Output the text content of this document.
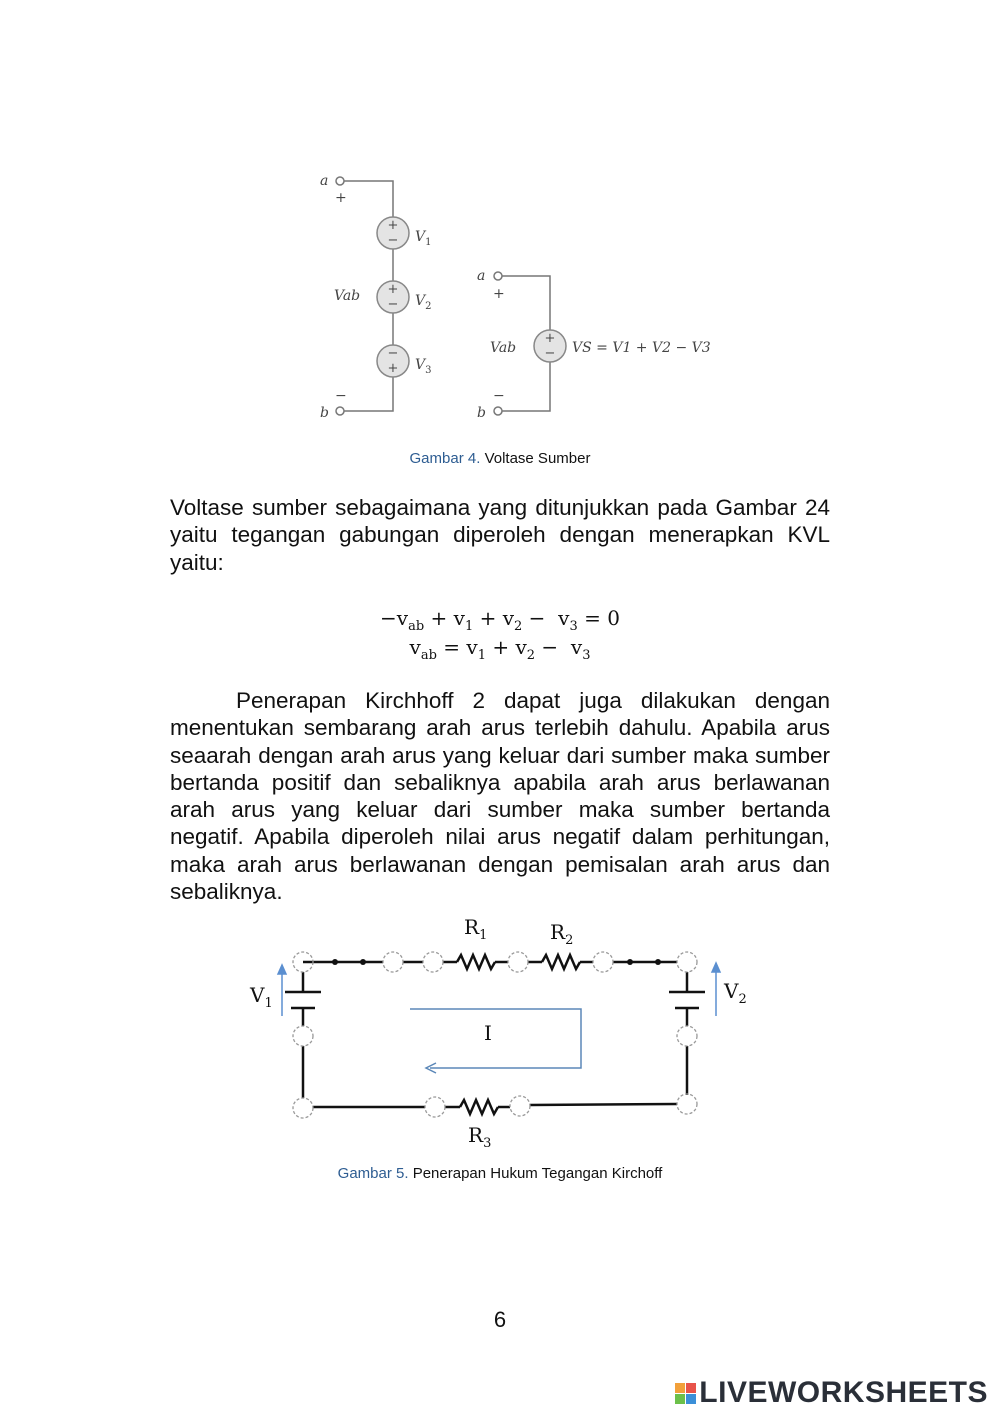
+
−
+
−
−
+
+
−
a
+
Vab
$V_1$
$V_2$
$V_3$
−
b
a
+
Vab	VS = V1 + V2 − V3
−
b
Gambar 4. Voltase Sumber

Voltase sumber sebagaimana yang ditunjukkan pada Gambar 24 yaitu tegangan gabungan diperoleh dengan menerapkan KVL yaitu:

$-v_{ab} + v_1 + v_2 - v_3 = 0$
$v_{ab} = v_1 + v_2 - v_3$

Penerapan Kirchhoff 2 dapat juga dilakukan dengan menentukan sembarang arah arus terlebih dahulu. Apabila arus seaarah dengan arah arus yang keluar dari sumber maka sumber bertanda positif dan sebaliknya apabila arah arus berlawanan arah arus yang keluar dari sumber maka sumber bertanda negatif. Apabila diperoleh nilai arus negatif dalam perhitungan, maka arah arus berlawanan dengan pemisalan arah arus dan sebaliknya.

$R_1$	$R_2$
$V_1$
$V_2$
I
$R_3$
Gambar 5. Penerapan Hukum Tegangan Kirchoff
6
LIVEWORKSHEETS
